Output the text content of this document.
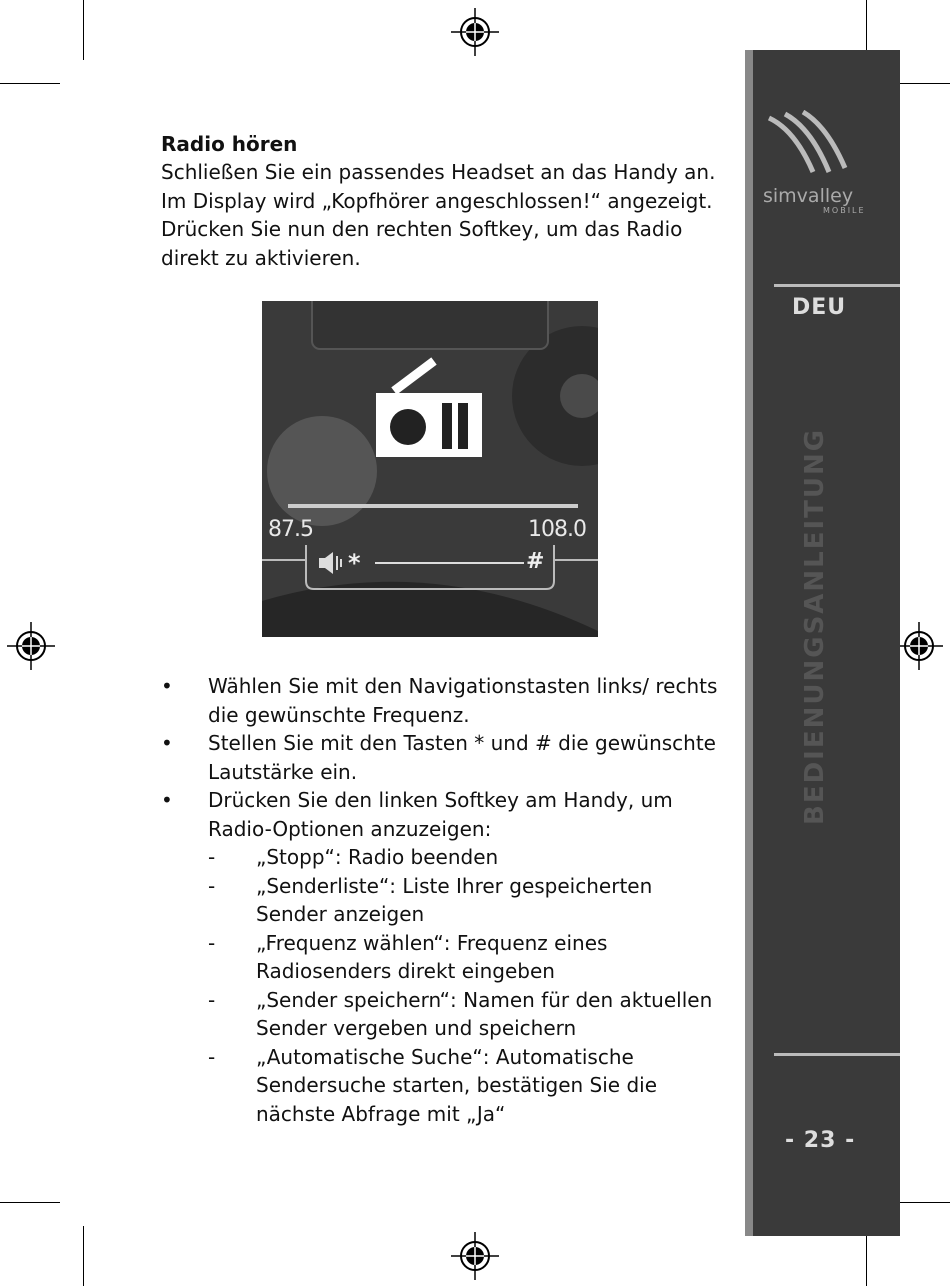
Radio hören

Schließen Sie ein passendes Headset an das Handy an. Im Display wird „Kopfhörer angeschlossen!“ angezeigt. Drücken Sie nun den rechten Softkey, um das Radio direkt zu aktivieren.

87.5	108.0
*	#
• Wählen Sie mit den Navigationstasten links/ rechts die gewünschte Frequenz.
• Stellen Sie mit den Tasten * und # die gewünschte Lautstärke ein.
• Drücken Sie den linken Softkey am Handy, um Radio-Optionen anzuzeigen:
- „Stopp“: Radio beenden
- „Senderliste“: Liste Ihrer gespeicherten Sender anzeigen
- „Frequenz wählen“: Frequenz eines Radiosenders direkt eingeben
- „Sender speichern“: Namen für den aktuellen Sender vergeben und speichern
- „Automatische Suche“: Automatische Sendersuche starten, bestätigen Sie die nächste Abfrage mit „Ja“
simvalley
MOBILE
DEU
BEDIENUNGSANLEITUNG
- 23 -
